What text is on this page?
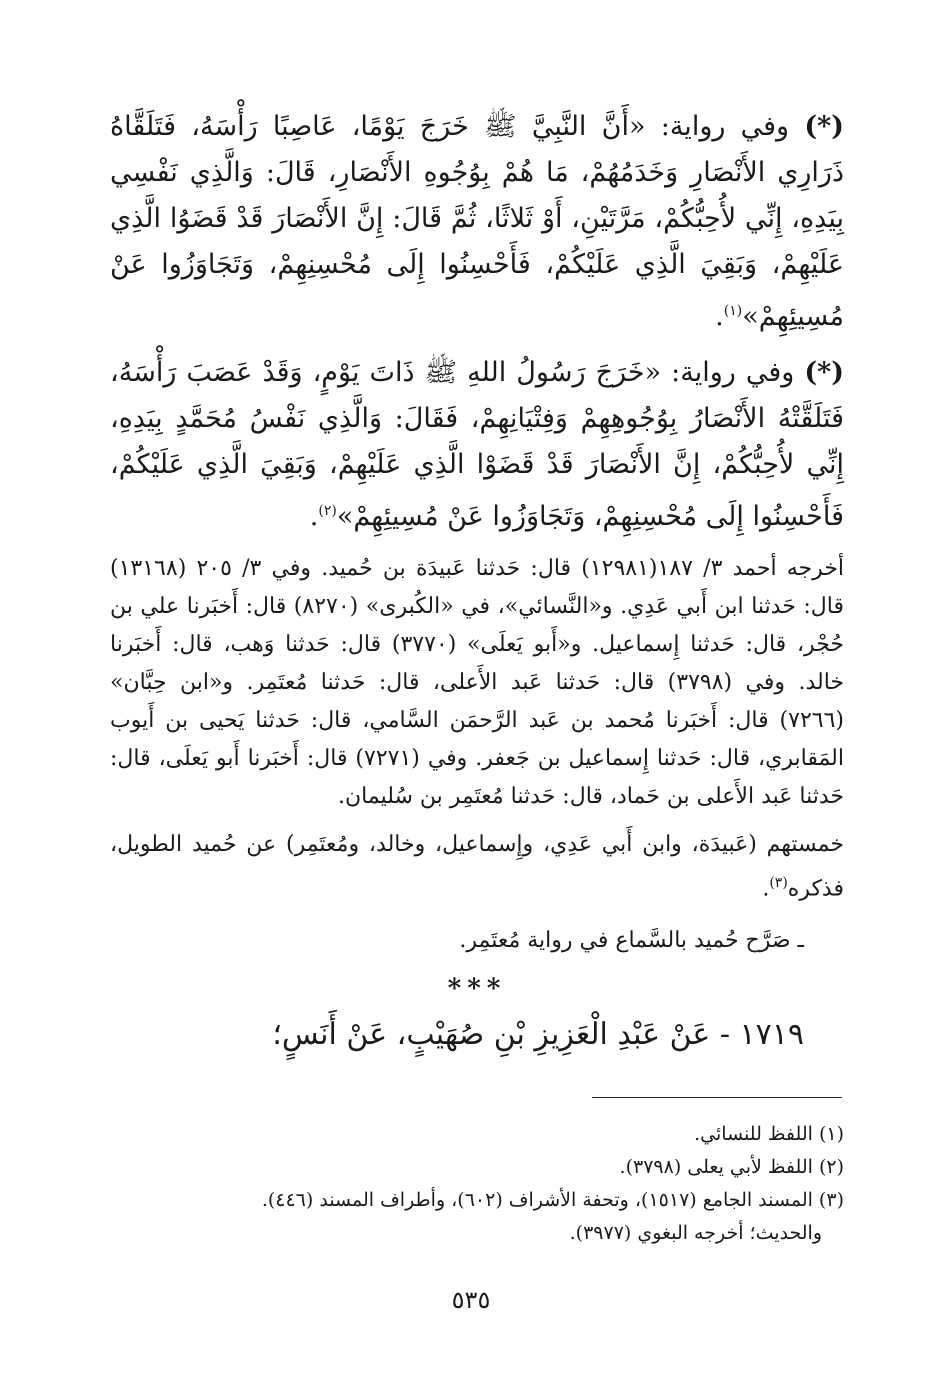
(*) وفي رواية: «أَنَّ النَّبِيَّ ﷺ خَرَجَ يَوْمًا، عَاصِبًا رَأْسَهُ، فَتَلَقَّاهُ ذَرَارِي الأَنْصَارِ وَخَدَمُهُمْ، مَا هُمْ بِوُجُوهِ الأَنْصَارِ، قَالَ: وَالَّذِي نَفْسِي بِيَدِهِ، إِنِّي لأُحِبُّكُمْ، مَرَّتَيْنِ، أَوْ ثَلاثًا، ثُمَّ قَالَ: إِنَّ الأَنْصَارَ قَدْ قَضَوُا الَّذِي عَلَيْهِمْ، وَبَقِيَ الَّذِي عَلَيْكُمْ، فَأَحْسِنُوا إِلَى مُحْسِنِهِمْ، وَتَجَاوَزُوا عَنْ مُسِيئِهِمْ»$^{(١)}$.

(*) وفي رواية: «خَرَجَ رَسُولُ اللهِ ﷺ ذَاتَ يَوْمٍ، وَقَدْ عَصَبَ رَأْسَهُ، فَتَلَقَّتْهُ الأَنْصَارُ بِوُجُوهِهِمْ وَفِتْيَانِهِمْ، فَقَالَ: وَالَّذِي نَفْسُ مُحَمَّدٍ بِيَدِهِ، إِنِّي لأُحِبُّكُمْ، إِنَّ الأَنْصَارَ قَدْ قَضَوْا الَّذِي عَلَيْهِمْ، وَبَقِيَ الَّذِي عَلَيْكُمْ، فَأَحْسِنُوا إِلَى مُحْسِنِهِمْ، وَتَجَاوَزُوا عَنْ مُسِيئِهِمْ»$^{(٢)}$.

أخرجه أحمد ٣/ ١٨٧(١٢٩٨١) قال: حَدثنا عَبيدَة بن حُميد. وفي ٣/ ٢٠٥ (١٣١٦٨) قال: حَدثنا ابن أَبي عَدِي. و«النَّسائي»، في «الكُبرى» (٨٢٧٠) قال: أَخبَرنا علي بن حُجْر، قال: حَدثنا إِسماعيل. و«أَبو يَعلَى» (٣٧٧٠) قال: حَدثنا وَهب، قال: أَخبَرنا خالد. وفي (٣٧٩٨) قال: حَدثنا عَبد الأَعلى، قال: حَدثنا مُعتَمِر. و«ابن حِبَّان» (٧٢٦٦) قال: أَخبَرنا مُحمد بن عَبد الرَّحمَن السَّامي، قال: حَدثنا يَحيى بن أَيوب المَقابري، قال: حَدثنا إِسماعيل بن جَعفر. وفي (٧٢٧١) قال: أَخبَرنا أَبو يَعلَى، قال: حَدثنا عَبد الأَعلى بن حَماد، قال: حَدثنا مُعتَمِر بن سُليمان.

خمستهم (عَبيدَة، وابن أَبي عَدِي، وإِسماعيل، وخالد، ومُعتَمِر) عن حُميد الطويل، فذكره$^{(٣)}$.

ـ صَرَّح حُميد بالسَّماع في رواية مُعتَمِر.

***

١٧١٩ - عَنْ عَبْدِ الْعَزِيزِ بْنِ صُهَيْبٍ، عَنْ أَنَسٍ؛

(١) اللفظ للنسائي.

(٢) اللفظ لأبي يعلى (٣٧٩٨).

(٣) المسند الجامع (١٥١٧)، وتحفة الأشراف (٦٠٢)، وأطراف المسند (٤٤٦).

والحديث؛ أخرجه البغوي (٣٩٧٧).

٥٣٥
